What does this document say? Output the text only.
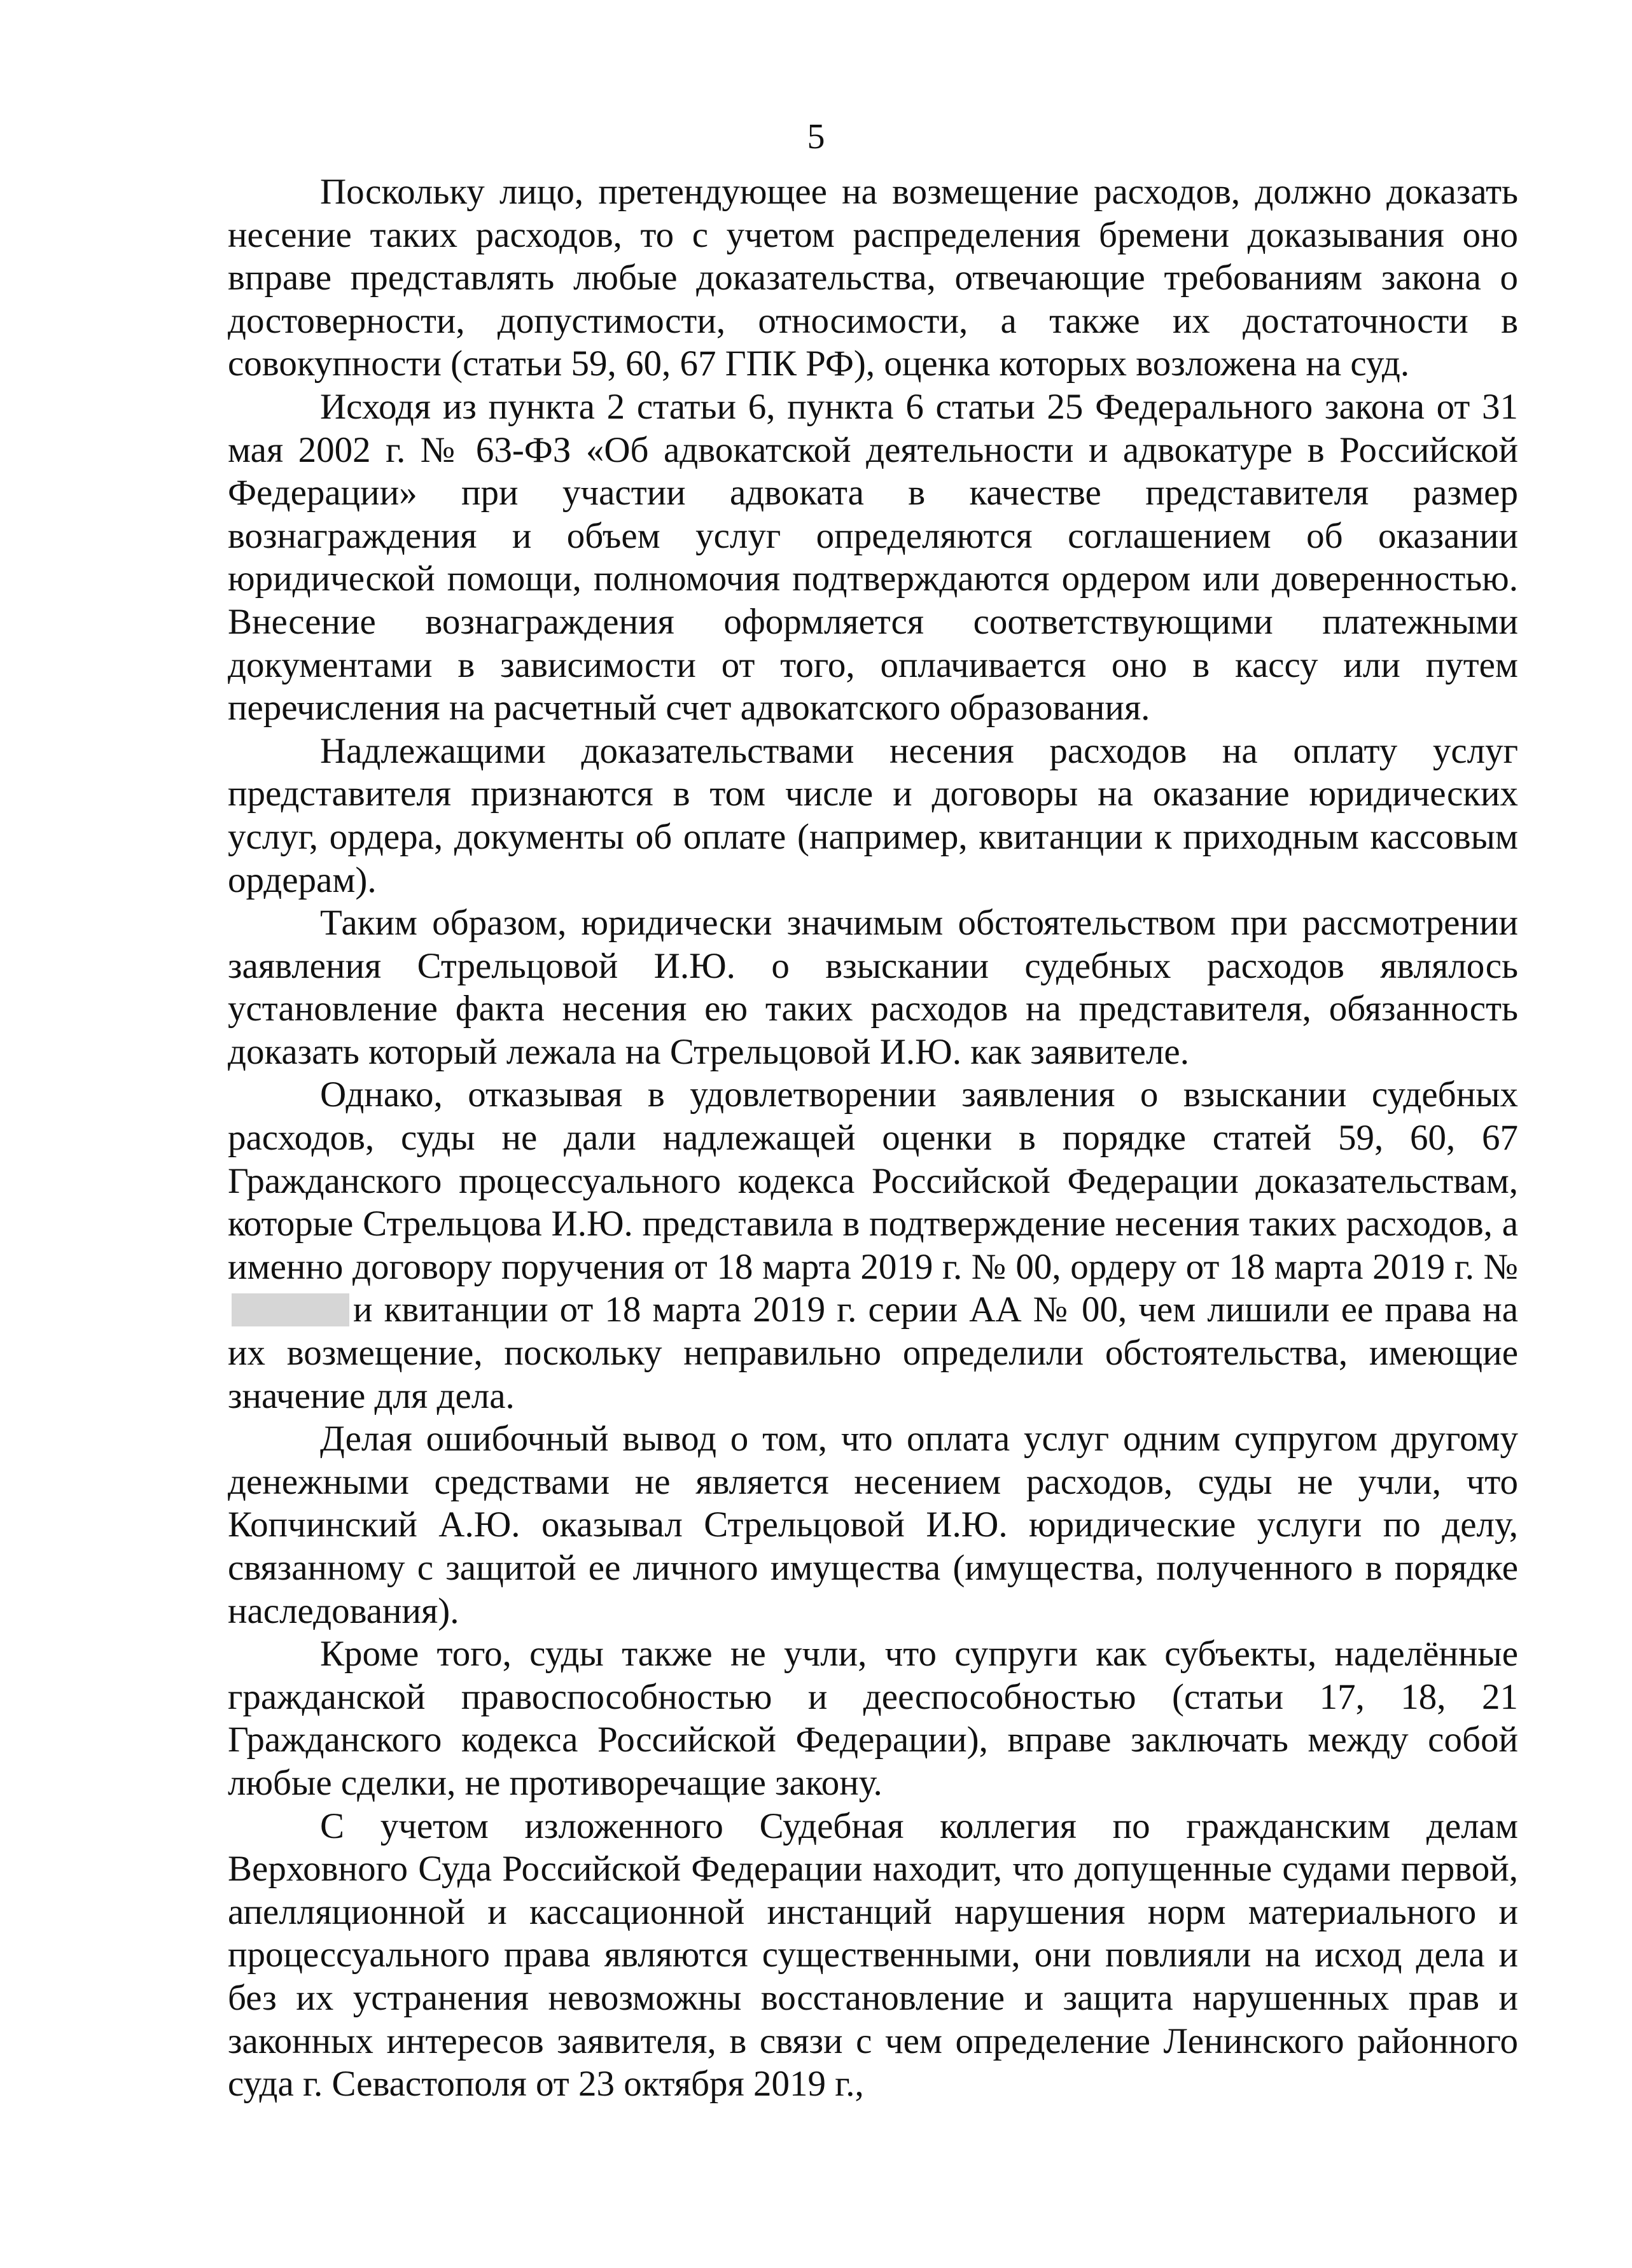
5

Поскольку лицо, претендующее на возмещение расходов, должно доказать несение таких расходов, то с учетом распределения бремени доказывания оно вправе представлять любые доказательства, отвечающие требованиям закона о достоверности, допустимости, относимости, а также их достаточности в совокупности (статьи 59, 60, 67 ГПК РФ), оценка которых возложена на суд.

Исходя из пункта 2 статьи 6, пункта 6 статьи 25 Федерального закона от 31 мая 2002 г. № 63-ФЗ «Об адвокатской деятельности и адвокатуре в Российской Федерации» при участии адвоката в качестве представителя размер вознаграждения и объем услуг определяются соглашением об оказании юридической помощи, полномочия подтверждаются ордером или доверенностью. Внесение вознаграждения оформляется соответствующими платежными документами в зависимости от того, оплачивается оно в кассу или путем перечисления на расчетный счет адвокатского образования.

Надлежащими доказательствами несения расходов на оплату услуг представителя признаются в том числе и договоры на оказание юридических услуг, ордера, документы об оплате (например, квитанции к приходным кассовым ордерам).

Таким образом, юридически значимым обстоятельством при рассмотрении заявления Стрельцовой И.Ю. о взыскании судебных расходов являлось установление факта несения ею таких расходов на представителя, обязанность доказать который лежала на Стрельцовой И.Ю. как заявителе.

Однако, отказывая в удовлетворении заявления о взыскании судебных расходов, суды не дали надлежащей оценки в порядке статей 59, 60, 67 Гражданского процессуального кодекса Российской Федерации доказательствам, которые Стрельцова И.Ю. представила в подтверждение несения таких расходов, а именно договору поручения от 18 марта 2019 г. № 00, ордеру от 18 марта 2019 г. №и квитанции от 18 марта 2019 г. серии АА № 00, чем лишили ее права на их возмещение, поскольку неправильно определили обстоятельства, имеющие значение для дела.

Делая ошибочный вывод о том, что оплата услуг одним супругом другому денежными средствами не является несением расходов, суды не учли, что Копчинский А.Ю. оказывал Стрельцовой И.Ю. юридические услуги по делу, связанному с защитой ее личного имущества (имущества, полученного в порядке наследования).

Кроме того, суды также не учли, что супруги как субъекты, наделённые гражданской правоспособностью и дееспособностью (статьи 17, 18, 21 Гражданского кодекса Российской Федерации), вправе заключать между собой любые сделки, не противоречащие закону.

С учетом изложенного Судебная коллегия по гражданским делам Верховного Суда Российской Федерации находит, что допущенные судами первой, апелляционной и кассационной инстанций нарушения норм материального и процессуального права являются существенными, они повлияли на исход дела и без их устранения невозможны восстановление и защита нарушенных прав и законных интересов заявителя, в связи с чем определение Ленинского районного суда г. Севастополя от 23 октября 2019 г.,
